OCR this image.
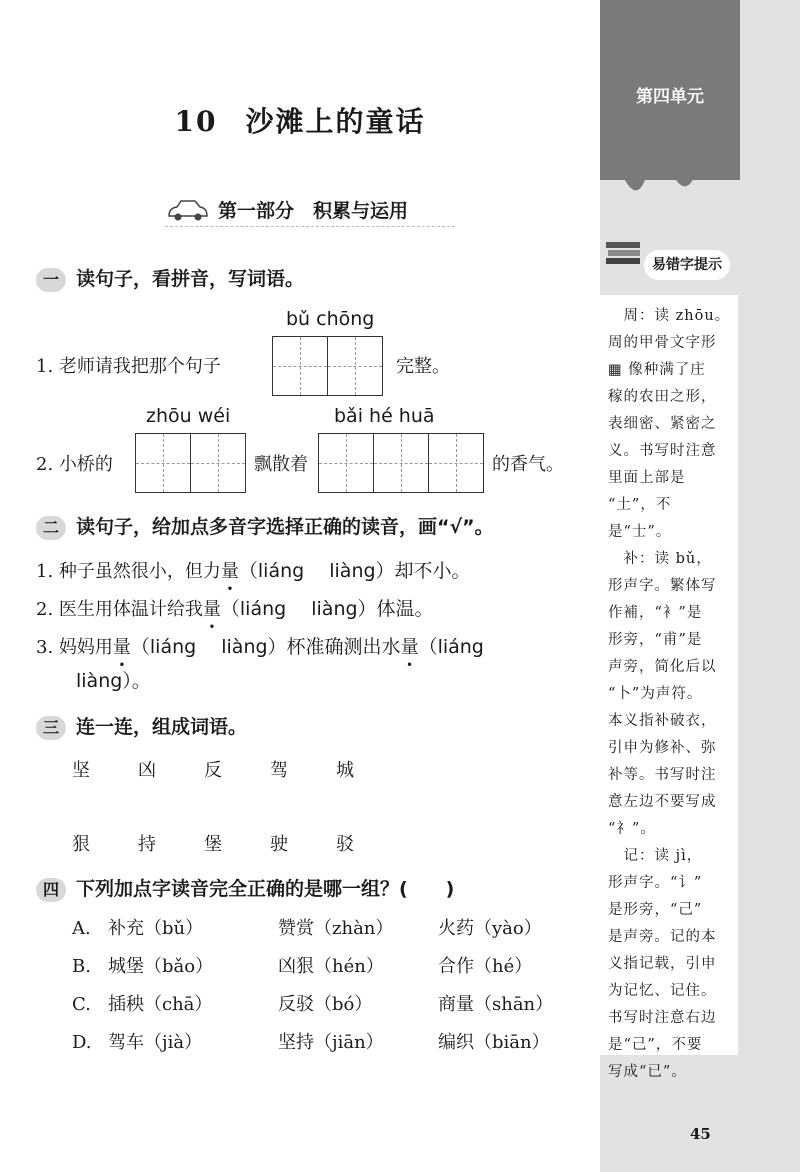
第四单元
易错字提示
　周：读 zhōu。
周的甲骨文字形
▦ 像种满了庄
稼的农田之形，
表细密、紧密之
义。书写时注意
里面上部是
“土”，不是“士”。
　补：读 bǔ，
形声字。繁体写
作補，“衤”是
形旁，“甫”是
声旁，简化后以
“卜”为声符。
本义指补破衣，
引申为修补、弥
补等。书写时注
意左边不要写成
“礻”。
　记：读 jì，
形声字。“讠”
是形旁，“己”
是声旁。记的本
义指记载，引申
为记忆、记住。
书写时注意右边
是“己”，不要
写成“已”。
45
10 沙滩上的童话
第一部分　积累与运用
一 读句子，看拼音，写词语。
bǔ chōng
1. 老师请我把那个句子	完整。
zhōu wéi	bǎi hé huā
2. 小桥的	飘散着	的香气。
二 读句子，给加点多音字选择正确的读音，画“√”。
1. 种子虽然很小，但力量（liáng　 liàng）却不小。
2. 医生用体温计给我量（liáng　 liàng）体温。
3. 妈妈用量（liáng　 liàng）杯准确测出水量（liáng
liàng）。
三 连一连，组成词语。
坚	凶	反	驾	城
狠	持	堡	驶	驳
四 下列加点字读音完全正确的是哪一组？(　　)
A. 补充（bǔ）	赞赏（zhàn） 火药（yào）
B. 城堡（bǎo）	凶狠（hén）	合作（hé）
C. 插秧（chā）	反驳（bó）	商量（shān）
D. 驾车（jià）	坚持（jiān）	编织（biān）
